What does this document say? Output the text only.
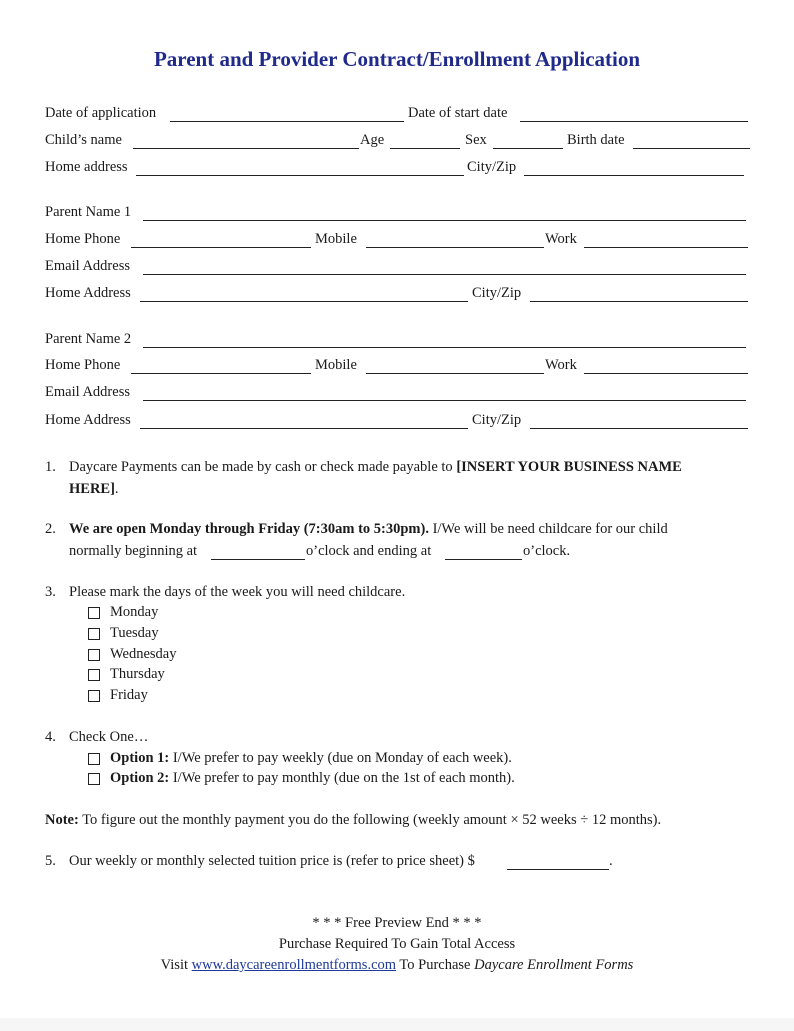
Parent and Provider Contract/Enrollment Application
Date of application	Date of start date
Child’s name	Age	Sex	Birth date
Home address	City/Zip
Parent Name 1
Home Phone	Mobile	Work
Email Address
Home Address	City/Zip
Parent Name 2
Home Phone	Mobile	Work
Email Address
Home Address	City/Zip
1. Daycare Payments can be made by cash or check made payable to [INSERT YOUR BUSINESS NAME
HERE].
2. We are open Monday through Friday (7:30am to 5:30pm). I/We will be need childcare for our child
normally beginning at	o’clock and ending at	o’clock.
3. Please mark the days of the week you will need childcare.
Monday
Tuesday
Wednesday
Thursday
Friday
4. Check One…
Option 1: I/We prefer to pay weekly (due on Monday of each week).
Option 2: I/We prefer to pay monthly (due on the 1st of each month).
Note: To figure out the monthly payment you do the following (weekly amount × 52 weeks ÷ 12 months).
5. Our weekly or monthly selected tuition price is (refer to price sheet) $	.
* * * Free Preview End * * *
Purchase Required To Gain Total Access
Visit www.daycareenrollmentforms.com To Purchase Daycare Enrollment Forms
